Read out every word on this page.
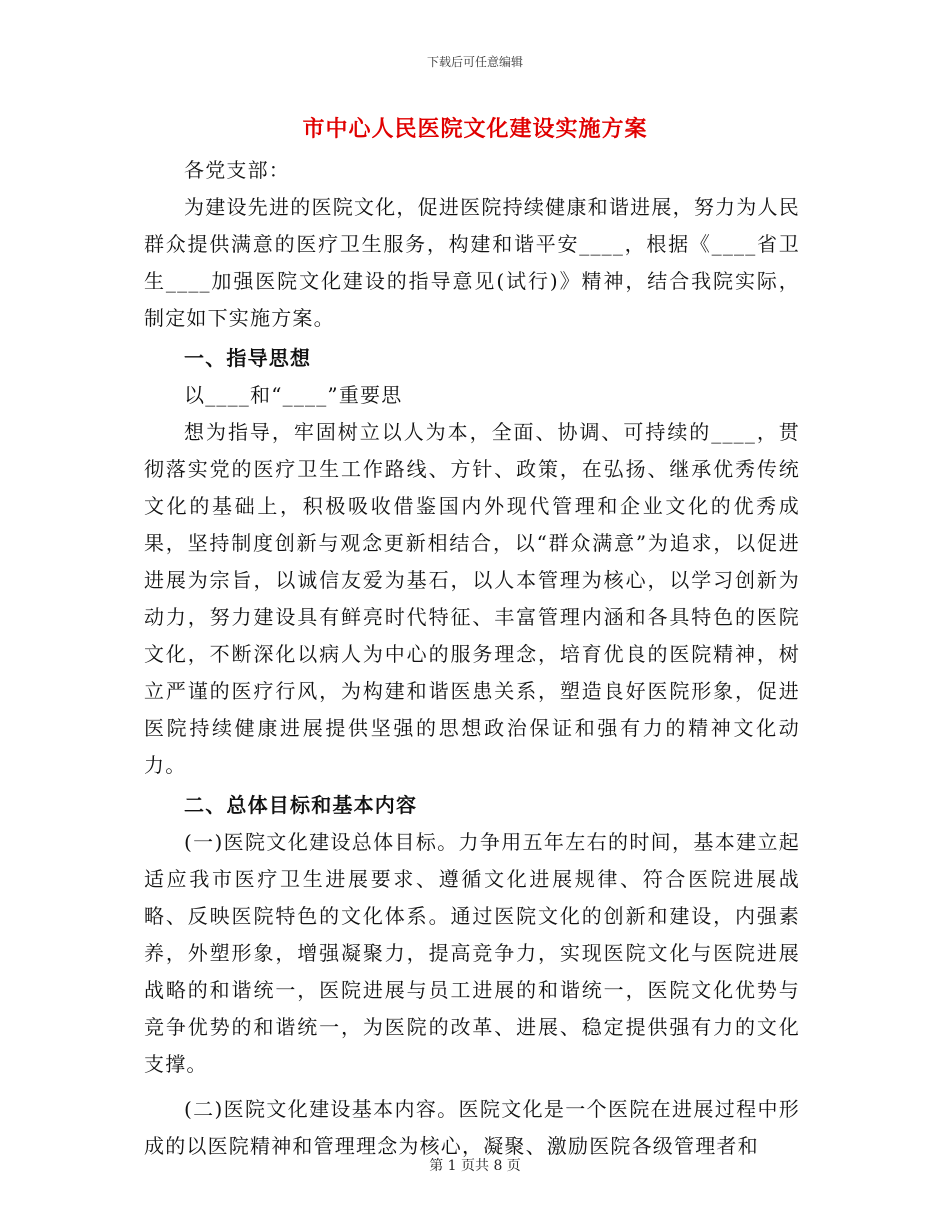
下载后可任意编辑
市中心人民医院文化建设实施方案

各党支部：

为建设先进的医院文化，促进医院持续健康和谐进展，努力为人民群众提供满意的医疗卫生服务，构建和谐平安____，根据《____省卫生____加强医院文化建设的指导意见(试行)》精神，结合我院实际，制定如下实施方案。

一、指导思想

以____和“____”重要思

想为指导，牢固树立以人为本，全面、协调、可持续的____，贯彻落实党的医疗卫生工作路线、方针、政策，在弘扬、继承优秀传统文化的基础上，积极吸收借鉴国内外现代管理和企业文化的优秀成果，坚持制度创新与观念更新相结合，以“群众满意”为追求，以促进进展为宗旨，以诚信友爱为基石，以人本管理为核心，以学习创新为动力，努力建设具有鲜亮时代特征、丰富管理内涵和各具特色的医院文化，不断深化以病人为中心的服务理念，培育优良的医院精神，树立严谨的医疗行风，为构建和谐医患关系，塑造良好医院形象，促进医院持续健康进展提供坚强的思想政治保证和强有力的精神文化动力。

二、总体目标和基本内容

(一)医院文化建设总体目标。力争用五年左右的时间，基本建立起适应我市医疗卫生进展要求、遵循文化进展规律、符合医院进展战略、反映医院特色的文化体系。通过医院文化的创新和建设，内强素养，外塑形象，增强凝聚力，提高竞争力，实现医院文化与医院进展战略的和谐统一，医院进展与员工进展的和谐统一，医院文化优势与竞争优势的和谐统一，为医院的改革、进展、稳定提供强有力的文化支撑。

(二)医院文化建设基本内容。医院文化是一个医院在进展过程中形成的以医院精神和管理理念为核心，凝聚、激励医院各级管理者和

第 1 页共 8 页
